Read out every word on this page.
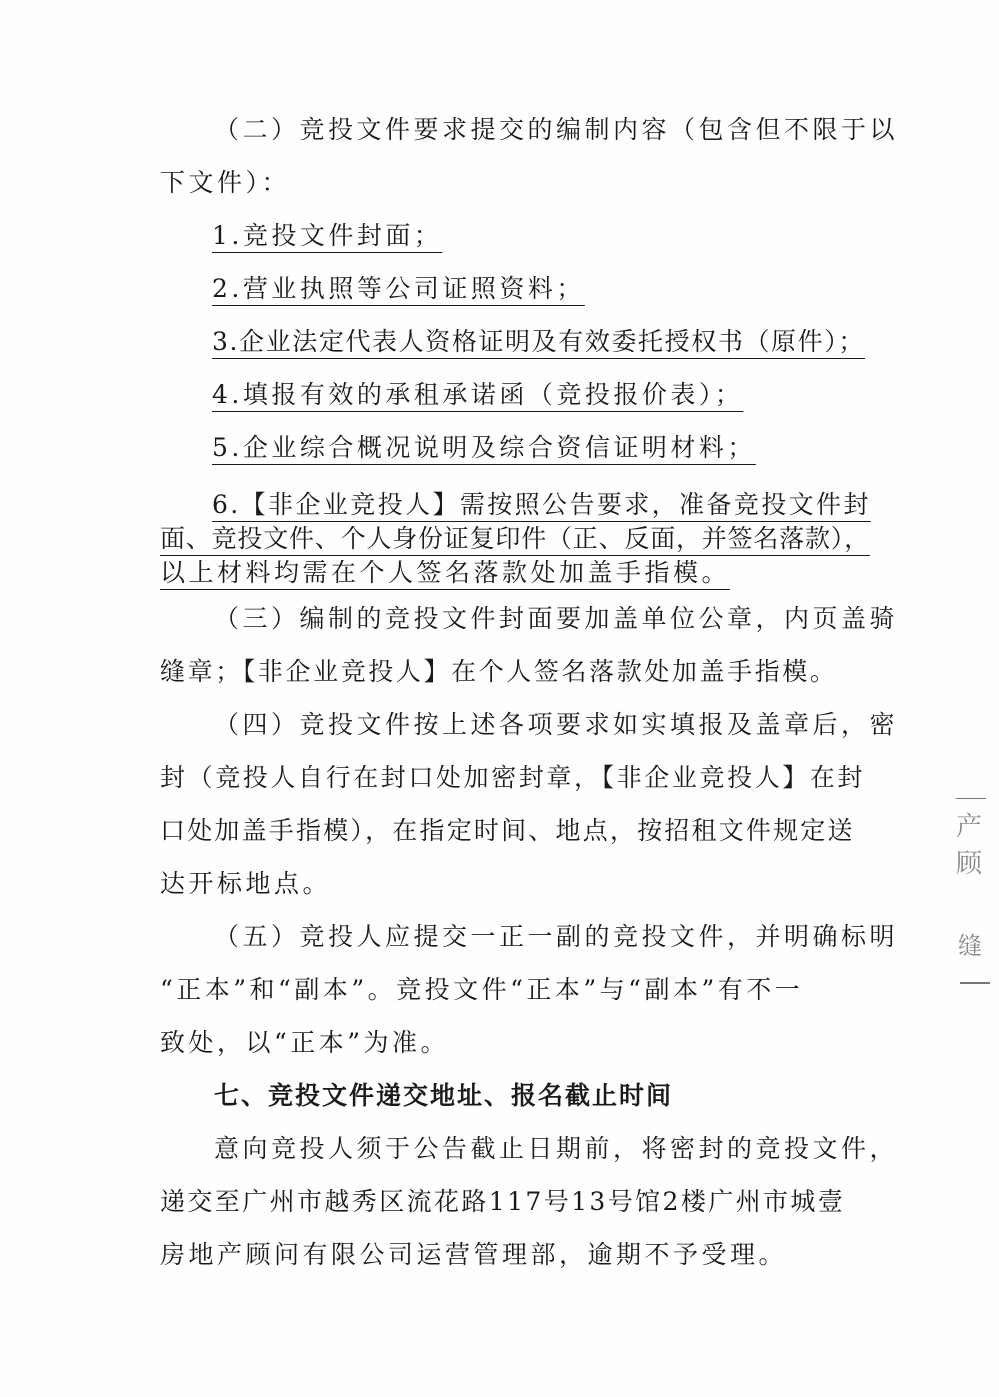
（二）竞投文件要求提交的编制内容（包含但不限于以
下文件）：
1.竞投文件封面；
2.营业执照等公司证照资料；
3.企业法定代表人资格证明及有效委托授权书（原件）；
4.填报有效的承租承诺函（竞投报价表）；
5.企业综合概况说明及综合资信证明材料；
6.【非企业竞投人】需按照公告要求，准备竞投文件封
面、竞投文件、个人身份证复印件（正、反面，并签名落款），
以上材料均需在个人签名落款处加盖手指模。
（三）编制的竞投文件封面要加盖单位公章，内页盖骑
缝章；【非企业竞投人】在个人签名落款处加盖手指模。
（四）竞投文件按上述各项要求如实填报及盖章后，密
封（竞投人自行在封口处加密封章，【非企业竞投人】在封
口处加盖手指模），在指定时间、地点，按招租文件规定送
达开标地点。
（五）竞投人应提交一正一副的竞投文件，并明确标明
“正本”和“副本”。竞投文件“正本”与“副本”有不一
致处，以“正本”为准。
七、竞投文件递交地址、报名截止时间
意向竞投人须于公告截止日期前，将密封的竞投文件，
递交至广州市越秀区流花路117号13号馆2楼广州市城壹
房地产顾问有限公司运营管理部，逾期不予受理。
产顾
缝
